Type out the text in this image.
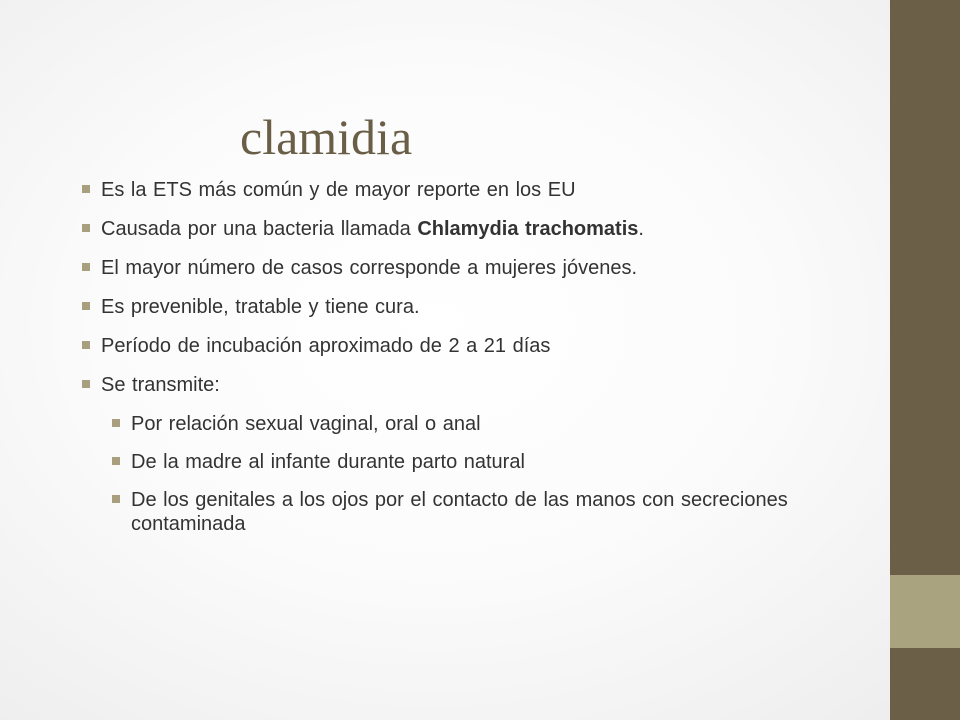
clamidia
Es la ETS más común y de mayor reporte en los EU
Causada por una bacteria llamada Chlamydia trachomatis.
El mayor número de casos corresponde a mujeres jóvenes.
Es prevenible, tratable y tiene cura.
Período de incubación aproximado de 2 a 21 días
Se transmite:
Por relación sexual vaginal, oral o anal
De la madre al infante durante parto natural
De los genitales a los ojos por el contacto de las manos con secreciones contaminada
